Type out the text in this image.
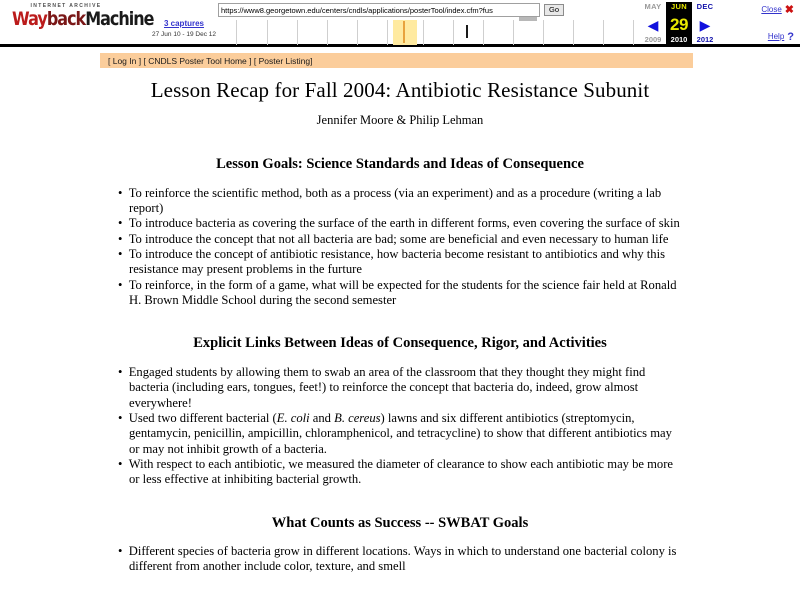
INTERNET ARCHIVE
WaybackMachine	3 captures
27 Jun 10 - 19 Dec 12
https://www8.georgetown.edu/centers/cndls/applications/posterTool/index.cfm?fus
Go	MAY
◀
2009
JUN
29
2010
DEC
▶
2012
Close ✖
Help ?
[ Log In ]
[ CNDLS Poster Tool Home ]
[ Poster Listing]
Lesson Recap for Fall 2004: Antibiotic Resistance Subunit
Jennifer Moore & Philip Lehman
Lesson Goals: Science Standards and Ideas of Consequence
•  To reinforce the scientific method, both as a process (via an experiment) and as a procedure (writing a lab report)
•  To introduce bacteria as covering the surface of the earth in different forms, even covering the surface of skin
•  To introduce the concept that not all bacteria are bad; some are beneficial and even necessary to human life
•  To introduce the concept of antibiotic resistance, how bacteria become resistant to antibiotics and why this resistance may present problems in the furture
•  To reinforce, in the form of a game, what will be expected for the students for the science fair held at Ronald H. Brown Middle School during the second semester
Explicit Links Between Ideas of Consequence, Rigor, and Activities
•  Engaged students by allowing them to swab an area of the classroom that they thought they might find bacteria (including ears, tongues, feet!) to reinforce the concept that bacteria do, indeed, grow almost everywhere!
•  Used two different bacterial (E. coli and B. cereus) lawns and six different antibiotics (streptomycin, gentamycin, penicillin, ampicillin, chloramphenicol, and tetracycline) to show that different antibiotics may or may not inhibit growth of a bacteria.
•  With respect to each antibiotic, we measured the diameter of clearance to show each antibiotic may be more or less effective at inhibiting bacterial growth.
What Counts as Success -- SWBAT Goals
•  Different species of bacteria grow in different locations. Ways in which to understand one bacterial colony is different from another include color, texture, and smell
